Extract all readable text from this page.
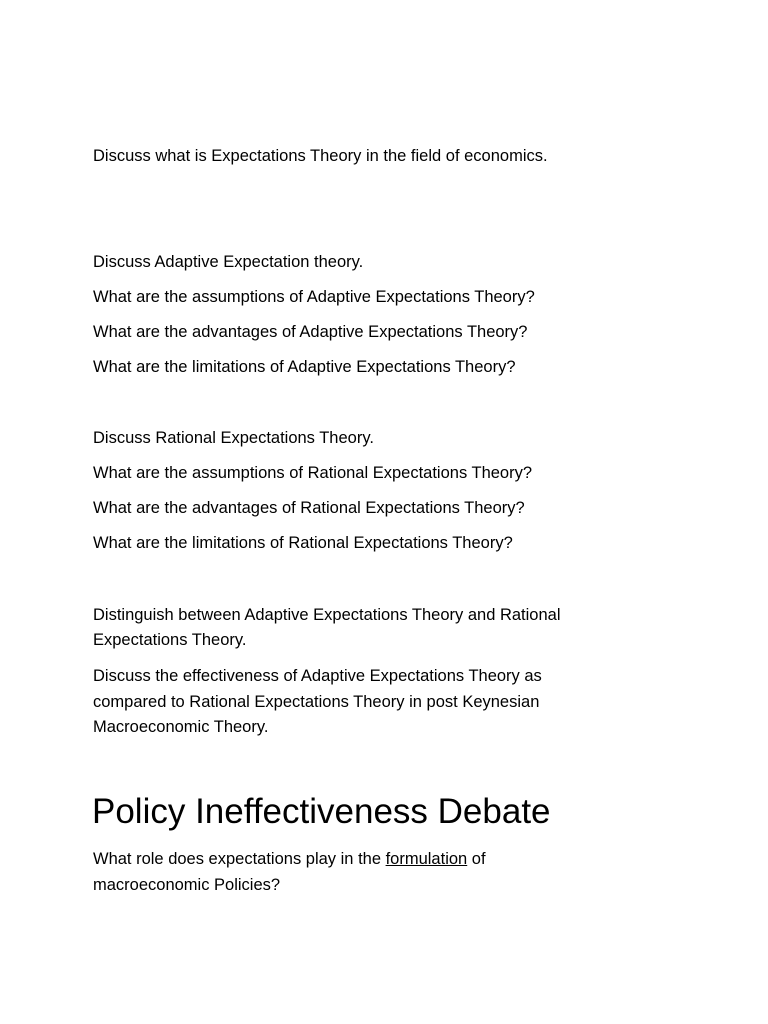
Discuss what is Expectations Theory in the field of economics.
Discuss Adaptive Expectation theory.
What are the assumptions of Adaptive Expectations Theory?
What are the advantages of Adaptive Expectations Theory?
What are the limitations of Adaptive Expectations Theory?
Discuss Rational Expectations Theory.
What are the assumptions of Rational Expectations Theory?
What are the advantages of Rational Expectations Theory?
What are the limitations of Rational Expectations Theory?
Distinguish between Adaptive Expectations Theory and Rational
Expectations Theory.
Discuss the effectiveness of Adaptive Expectations Theory as
compared to Rational Expectations Theory in post Keynesian
Macroeconomic Theory.
Policy Ineffectiveness Debate
What role does expectations play in the formulation of
macroeconomic Policies?
